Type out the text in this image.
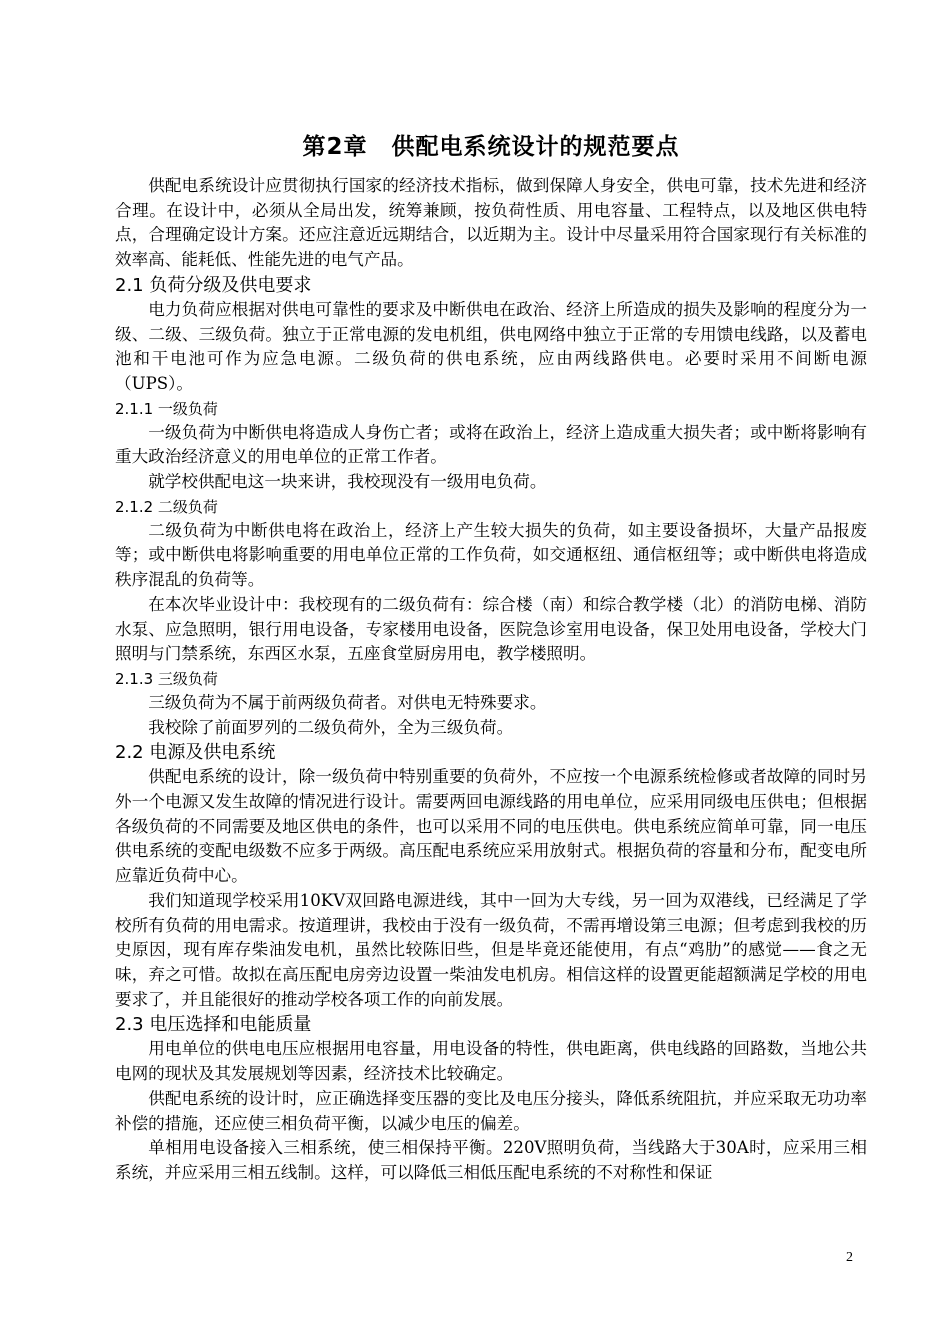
第2章　供配电系统设计的规范要点

供配电系统设计应贯彻执行国家的经济技术指标，做到保障人身安全，供电可靠，技术先进和经济合理。在设计中，必须从全局出发，统筹兼顾，按负荷性质、用电容量、工程特点，以及地区供电特点，合理确定设计方案。还应注意近远期结合，以近期为主。设计中尽量采用符合国家现行有关标准的效率高、能耗低、性能先进的电气产品。

2.1 负荷分级及供电要求

电力负荷应根据对供电可靠性的要求及中断供电在政治、经济上所造成的损失及影响的程度分为一级、二级、三级负荷。独立于正常电源的发电机组，供电网络中独立于正常的专用馈电线路，以及蓄电池和干电池可作为应急电源。二级负荷的供电系统，应由两线路供电。必要时采用不间断电源（UPS）。

2.1.1 一级负荷

一级负荷为中断供电将造成人身伤亡者；或将在政治上，经济上造成重大损失者；或中断将影响有重大政治经济意义的用电单位的正常工作者。

就学校供配电这一块来讲，我校现没有一级用电负荷。

2.1.2 二级负荷

二级负荷为中断供电将在政治上，经济上产生较大损失的负荷，如主要设备损坏，大量产品报废等；或中断供电将影响重要的用电单位正常的工作负荷，如交通枢纽、通信枢纽等；或中断供电将造成秩序混乱的负荷等。

在本次毕业设计中：我校现有的二级负荷有：综合楼（南）和综合教学楼（北）的消防电梯、消防水泵、应急照明，银行用电设备，专家楼用电设备，医院急诊室用电设备，保卫处用电设备，学校大门照明与门禁系统，东西区水泵，五座食堂厨房用电，教学楼照明。

2.1.3 三级负荷

三级负荷为不属于前两级负荷者。对供电无特殊要求。

我校除了前面罗列的二级负荷外，全为三级负荷。

2.2 电源及供电系统

供配电系统的设计，除一级负荷中特别重要的负荷外，不应按一个电源系统检修或者故障的同时另外一个电源又发生故障的情况进行设计。需要两回电源线路的用电单位，应采用同级电压供电；但根据各级负荷的不同需要及地区供电的条件，也可以采用不同的电压供电。供电系统应简单可靠，同一电压供电系统的变配电级数不应多于两级。高压配电系统应采用放射式。根据负荷的容量和分布，配变电所应靠近负荷中心。

我们知道现学校采用10KV双回路电源进线，其中一回为大专线，另一回为双港线，已经满足了学校所有负荷的用电需求。按道理讲，我校由于没有一级负荷，不需再增设第三电源；但考虑到我校的历史原因，现有库存柴油发电机，虽然比较陈旧些，但是毕竟还能使用，有点“鸡肋”的感觉——食之无味，弃之可惜。故拟在高压配电房旁边设置一柴油发电机房。相信这样的设置更能超额满足学校的用电要求了，并且能很好的推动学校各项工作的向前发展。

2.3 电压选择和电能质量

用电单位的供电电压应根据用电容量，用电设备的特性，供电距离，供电线路的回路数，当地公共电网的现状及其发展规划等因素，经济技术比较确定。

供配电系统的设计时，应正确选择变压器的变比及电压分接头，降低系统阻抗，并应采取无功功率补偿的措施，还应使三相负荷平衡，以减少电压的偏差。

单相用电设备接入三相系统，使三相保持平衡。220V照明负荷，当线路大于30A时，应采用三相系统，并应采用三相五线制。这样，可以降低三相低压配电系统的不对称性和保证

2
